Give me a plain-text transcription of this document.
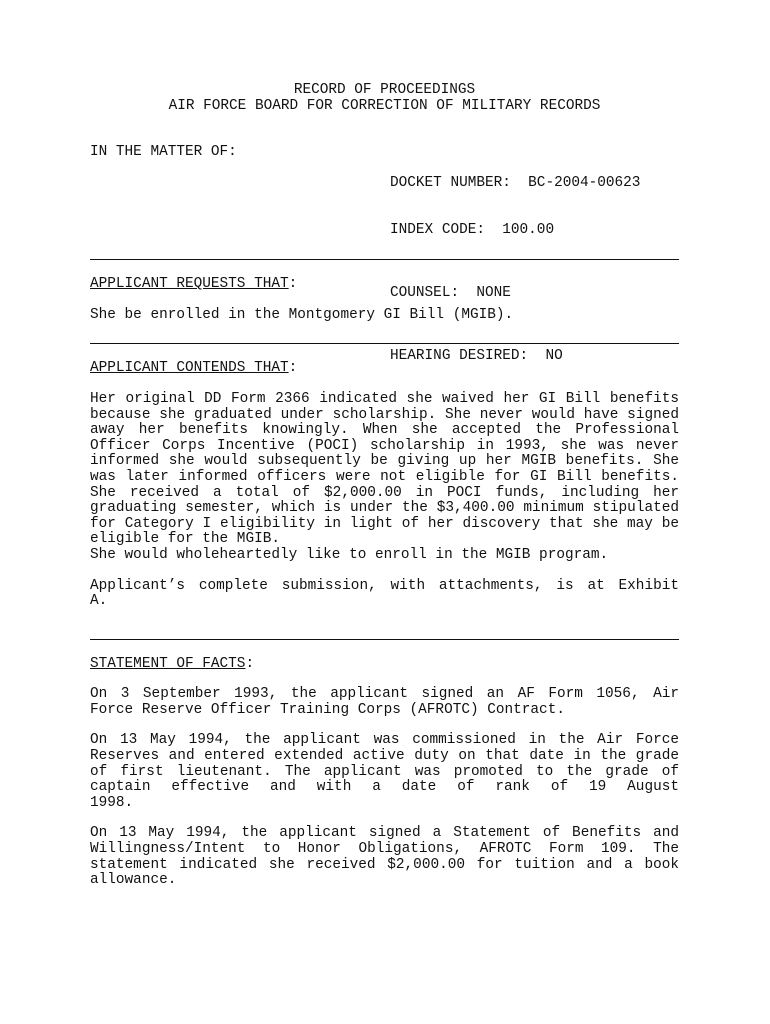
RECORD OF PROCEEDINGS
AIR FORCE BOARD FOR CORRECTION OF MILITARY RECORDS
IN THE MATTER OF:

DOCKET NUMBER:  BC-2004-00623

INDEX CODE:  100.00

COUNSEL:  NONE

HEARING DESIRED:  NO

APPLICANT REQUESTS THAT:
She be enrolled in the Montgomery GI Bill (MGIB).
APPLICANT CONTENDS THAT:
Her original DD Form 2366 indicated she waived her GI Bill benefits because she graduated under scholarship. She never would have signed away her benefits knowingly. When she accepted the Professional Officer Corps Incentive (POCI) scholarship in 1993, she was never informed she would subsequently be giving up her MGIB benefits. She was later informed officers were not eligible for GI Bill benefits. She received a total of $2,000.00 in POCI funds, including her graduating semester, which is under the $3,400.00 minimum stipulated for Category I eligibility in light of her discovery that she may be eligible for the MGIB.
She would wholeheartedly like to enroll in the MGIB program.
Applicant’s complete submission, with attachments, is at Exhibit
A.
STATEMENT OF FACTS:
On 3 September 1993, the applicant signed an AF Form 1056, Air
Force Reserve Officer Training Corps (AFROTC) Contract.
On 13 May 1994, the applicant was commissioned in the Air Force Reserves and entered extended active duty on that date in the grade of first lieutenant. The applicant was promoted to the grade of captain effective and with a date of rank of 19 August
1998.
On 13 May 1994, the applicant signed a Statement of Benefits and Willingness/Intent to Honor Obligations, AFROTC Form 109. The statement indicated she received $2,000.00 for tuition and a book
allowance.
